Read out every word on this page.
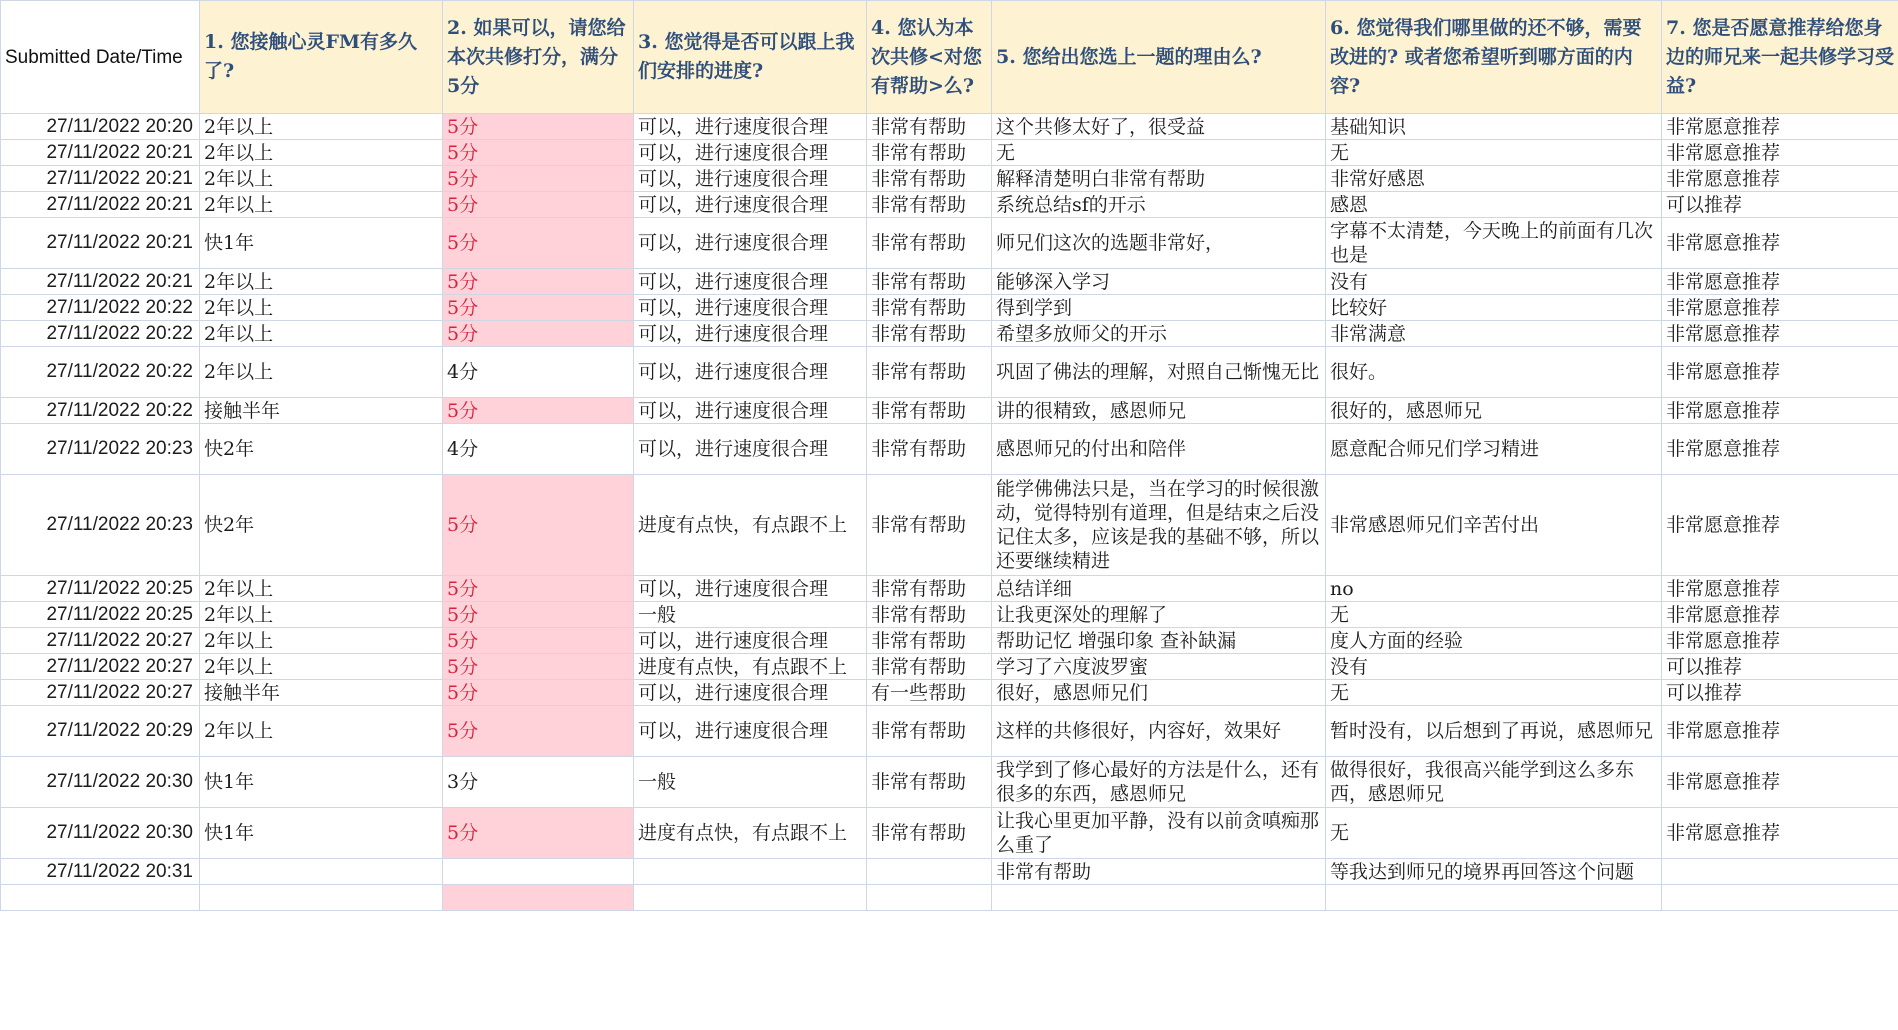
Submitted Date/Time	1. 您接触心灵FM有多久了?	2. 如果可以，请您给本次共修打分，满分5分	3. 您觉得是否可以跟上我们安排的进度?	4. 您认为本次共修<对您有帮助>么?	5. 您给出您选上一题的理由么?	6. 您觉得我们哪里做的还不够，需要改进的? 或者您希望听到哪方面的内容?	7. 您是否愿意推荐给您身边的师兄来一起共修学习受益?
27/11/2022 20:20	2年以上	5分	可以，进行速度很合理	非常有帮助	这个共修太好了，很受益	基础知识	非常愿意推荐
27/11/2022 20:21	2年以上	5分	可以，进行速度很合理	非常有帮助	无	无	非常愿意推荐
27/11/2022 20:21	2年以上	5分	可以，进行速度很合理	非常有帮助	解释清楚明白非常有帮助	非常好感恩	非常愿意推荐
27/11/2022 20:21	2年以上	5分	可以，进行速度很合理	非常有帮助	系统总结sf的开示	感恩	可以推荐
27/11/2022 20:21	快1年	5分	可以，进行速度很合理	非常有帮助	师兄们这次的选题非常好，	字幕不太清楚，今天晚上的前面有几次也是	非常愿意推荐
27/11/2022 20:21	2年以上	5分	可以，进行速度很合理	非常有帮助	能够深入学习	没有	非常愿意推荐
27/11/2022 20:22	2年以上	5分	可以，进行速度很合理	非常有帮助	得到学到	比较好	非常愿意推荐
27/11/2022 20:22	2年以上	5分	可以，进行速度很合理	非常有帮助	希望多放师父的开示	非常满意	非常愿意推荐
27/11/2022 20:22	2年以上	4分	可以，进行速度很合理	非常有帮助	巩固了佛法的理解，对照自己惭愧无比	很好。	非常愿意推荐
27/11/2022 20:22	接触半年	5分	可以，进行速度很合理	非常有帮助	讲的很精致，感恩师兄	很好的，感恩师兄	非常愿意推荐
27/11/2022 20:23	快2年	4分	可以，进行速度很合理	非常有帮助	感恩师兄的付出和陪伴	愿意配合师兄们学习精进	非常愿意推荐
27/11/2022 20:23	快2年	5分	进度有点快，有点跟不上	非常有帮助	能学佛佛法只是，当在学习的时候很激动，觉得特别有道理，但是结束之后没记住太多，应该是我的基础不够，所以还要继续精进	非常感恩师兄们辛苦付出	非常愿意推荐
27/11/2022 20:25	2年以上	5分	可以，进行速度很合理	非常有帮助	总结详细	no	非常愿意推荐
27/11/2022 20:25	2年以上	5分	一般	非常有帮助	让我更深处的理解了	无	非常愿意推荐
27/11/2022 20:27	2年以上	5分	可以，进行速度很合理	非常有帮助	帮助记忆 增强印象 查补缺漏	度人方面的经验	非常愿意推荐
27/11/2022 20:27	2年以上	5分	进度有点快，有点跟不上	非常有帮助	学习了六度波罗蜜	没有	可以推荐
27/11/2022 20:27	接触半年	5分	可以，进行速度很合理	有一些帮助	很好，感恩师兄们	无	可以推荐
27/11/2022 20:29	2年以上	5分	可以，进行速度很合理	非常有帮助	这样的共修很好，内容好，效果好	暂时没有，以后想到了再说，感恩师兄	非常愿意推荐
27/11/2022 20:30	快1年	3分	一般	非常有帮助	我学到了修心最好的方法是什么，还有很多的东西，感恩师兄	做得很好，我很高兴能学到这么多东西，感恩师兄	非常愿意推荐
27/11/2022 20:30	快1年	5分	进度有点快，有点跟不上	非常有帮助	让我心里更加平静，没有以前贪嗔痴那么重了	无	非常愿意推荐
27/11/2022 20:31					非常有帮助	等我达到师兄的境界再回答这个问题	
